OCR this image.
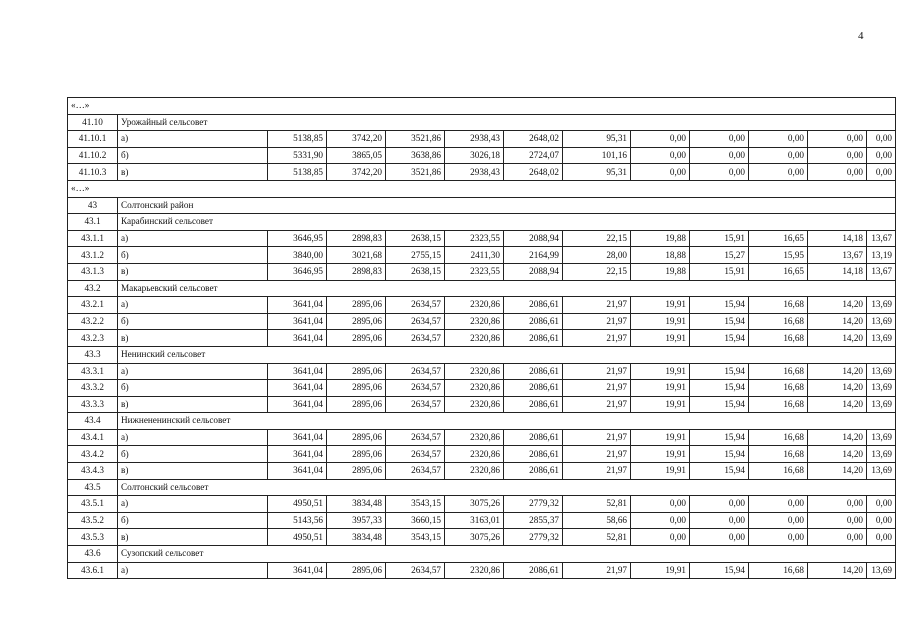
4
«…»												
41.10	Урожайный сельсовет											
41.10.1	а)	5138,85	3742,20	3521,86	2938,43	2648,02	95,31	0,00	0,00	0,00	0,00	0,00
41.10.2	б)	5331,90	3865,05	3638,86	3026,18	2724,07	101,16	0,00	0,00	0,00	0,00	0,00
41.10.3	в)	5138,85	3742,20	3521,86	2938,43	2648,02	95,31	0,00	0,00	0,00	0,00	0,00
«…»												
43	Солтонский район											
43.1	Карабинский сельсовет											
43.1.1	а)	3646,95	2898,83	2638,15	2323,55	2088,94	22,15	19,88	15,91	16,65	14,18	13,67
43.1.2	б)	3840,00	3021,68	2755,15	2411,30	2164,99	28,00	18,88	15,27	15,95	13,67	13,19
43.1.3	в)	3646,95	2898,83	2638,15	2323,55	2088,94	22,15	19,88	15,91	16,65	14,18	13,67
43.2	Макарьевский сельсовет											
43.2.1	а)	3641,04	2895,06	2634,57	2320,86	2086,61	21,97	19,91	15,94	16,68	14,20	13,69
43.2.2	б)	3641,04	2895,06	2634,57	2320,86	2086,61	21,97	19,91	15,94	16,68	14,20	13,69
43.2.3	в)	3641,04	2895,06	2634,57	2320,86	2086,61	21,97	19,91	15,94	16,68	14,20	13,69
43.3	Ненинский сельсовет											
43.3.1	а)	3641,04	2895,06	2634,57	2320,86	2086,61	21,97	19,91	15,94	16,68	14,20	13,69
43.3.2	б)	3641,04	2895,06	2634,57	2320,86	2086,61	21,97	19,91	15,94	16,68	14,20	13,69
43.3.3	в)	3641,04	2895,06	2634,57	2320,86	2086,61	21,97	19,91	15,94	16,68	14,20	13,69
43.4	Нижнененинский сельсовет											
43.4.1	а)	3641,04	2895,06	2634,57	2320,86	2086,61	21,97	19,91	15,94	16,68	14,20	13,69
43.4.2	б)	3641,04	2895,06	2634,57	2320,86	2086,61	21,97	19,91	15,94	16,68	14,20	13,69
43.4.3	в)	3641,04	2895,06	2634,57	2320,86	2086,61	21,97	19,91	15,94	16,68	14,20	13,69
43.5	Солтонский сельсовет											
43.5.1	а)	4950,51	3834,48	3543,15	3075,26	2779,32	52,81	0,00	0,00	0,00	0,00	0,00
43.5.2	б)	5143,56	3957,33	3660,15	3163,01	2855,37	58,66	0,00	0,00	0,00	0,00	0,00
43.5.3	в)	4950,51	3834,48	3543,15	3075,26	2779,32	52,81	0,00	0,00	0,00	0,00	0,00
43.6	Сузопский сельсовет											
43.6.1	а)	3641,04	2895,06	2634,57	2320,86	2086,61	21,97	19,91	15,94	16,68	14,20	13,69
